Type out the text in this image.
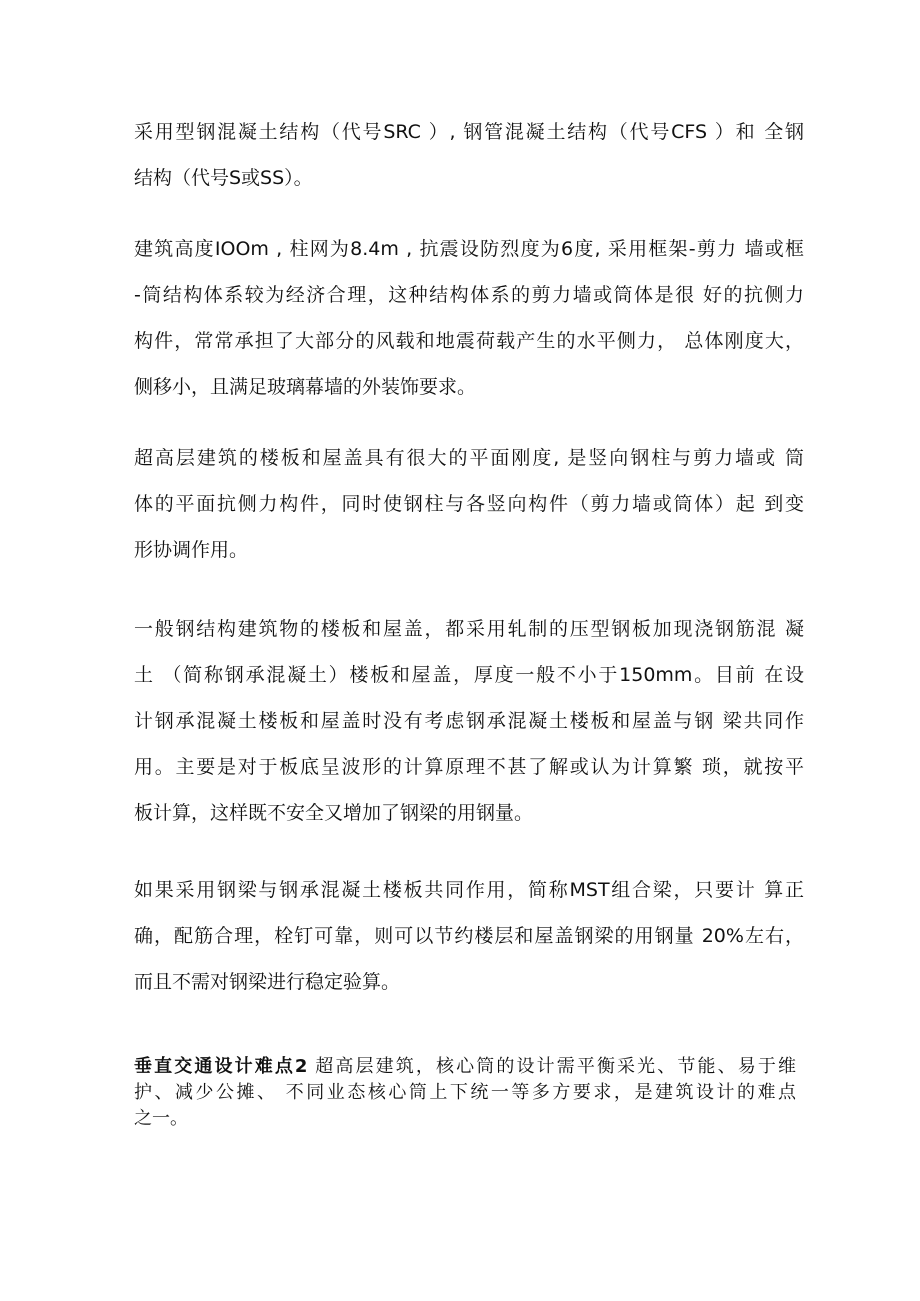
采用型钢混凝土结构（代号SRC ）, 钢管混凝土结构（代号CFS ）和 全钢
结构（代号S或SS）。
建筑高度IOOm , 柱网为8.4m , 抗震设防烈度为6度, 采用框架-剪力 墙或框
-筒结构体系较为经济合理，这种结构体系的剪力墙或筒体是很 好的抗侧力
构件，常常承担了大部分的风载和地震荷载产生的水平侧力， 总体刚度大，
侧移小，且满足玻璃幕墙的外装饰要求。
超高层建筑的楼板和屋盖具有很大的平面刚度, 是竖向钢柱与剪力墙或 筒
体的平面抗侧力构件，同时使钢柱与各竖向构件（剪力墙或筒体）起 到变
形协调作用。
一般钢结构建筑物的楼板和屋盖，都采用轧制的压型钢板加现浇钢筋混 凝
土 （简称钢承混凝土）楼板和屋盖，厚度一般不小于150mm。目前 在设
计钢承混凝土楼板和屋盖时没有考虑钢承混凝土楼板和屋盖与钢 梁共同作
用。主要是对于板底呈波形的计算原理不甚了解或认为计算繁 琐，就按平
板计算，这样既不安全又增加了钢梁的用钢量。
如果采用钢梁与钢承混凝土楼板共同作用，简称MST组合梁，只要计 算正
确，配筋合理，栓钉可靠，则可以节约楼层和屋盖钢梁的用钢量 20%左右，
而且不需对钢梁进行稳定验算。
垂直交通设计难点2 超高层建筑，核心筒的设计需平衡采光、节能、易于维
护、减少公摊、 不同业态核心筒上下统一等多方要求，是建筑设计的难点
之一。
